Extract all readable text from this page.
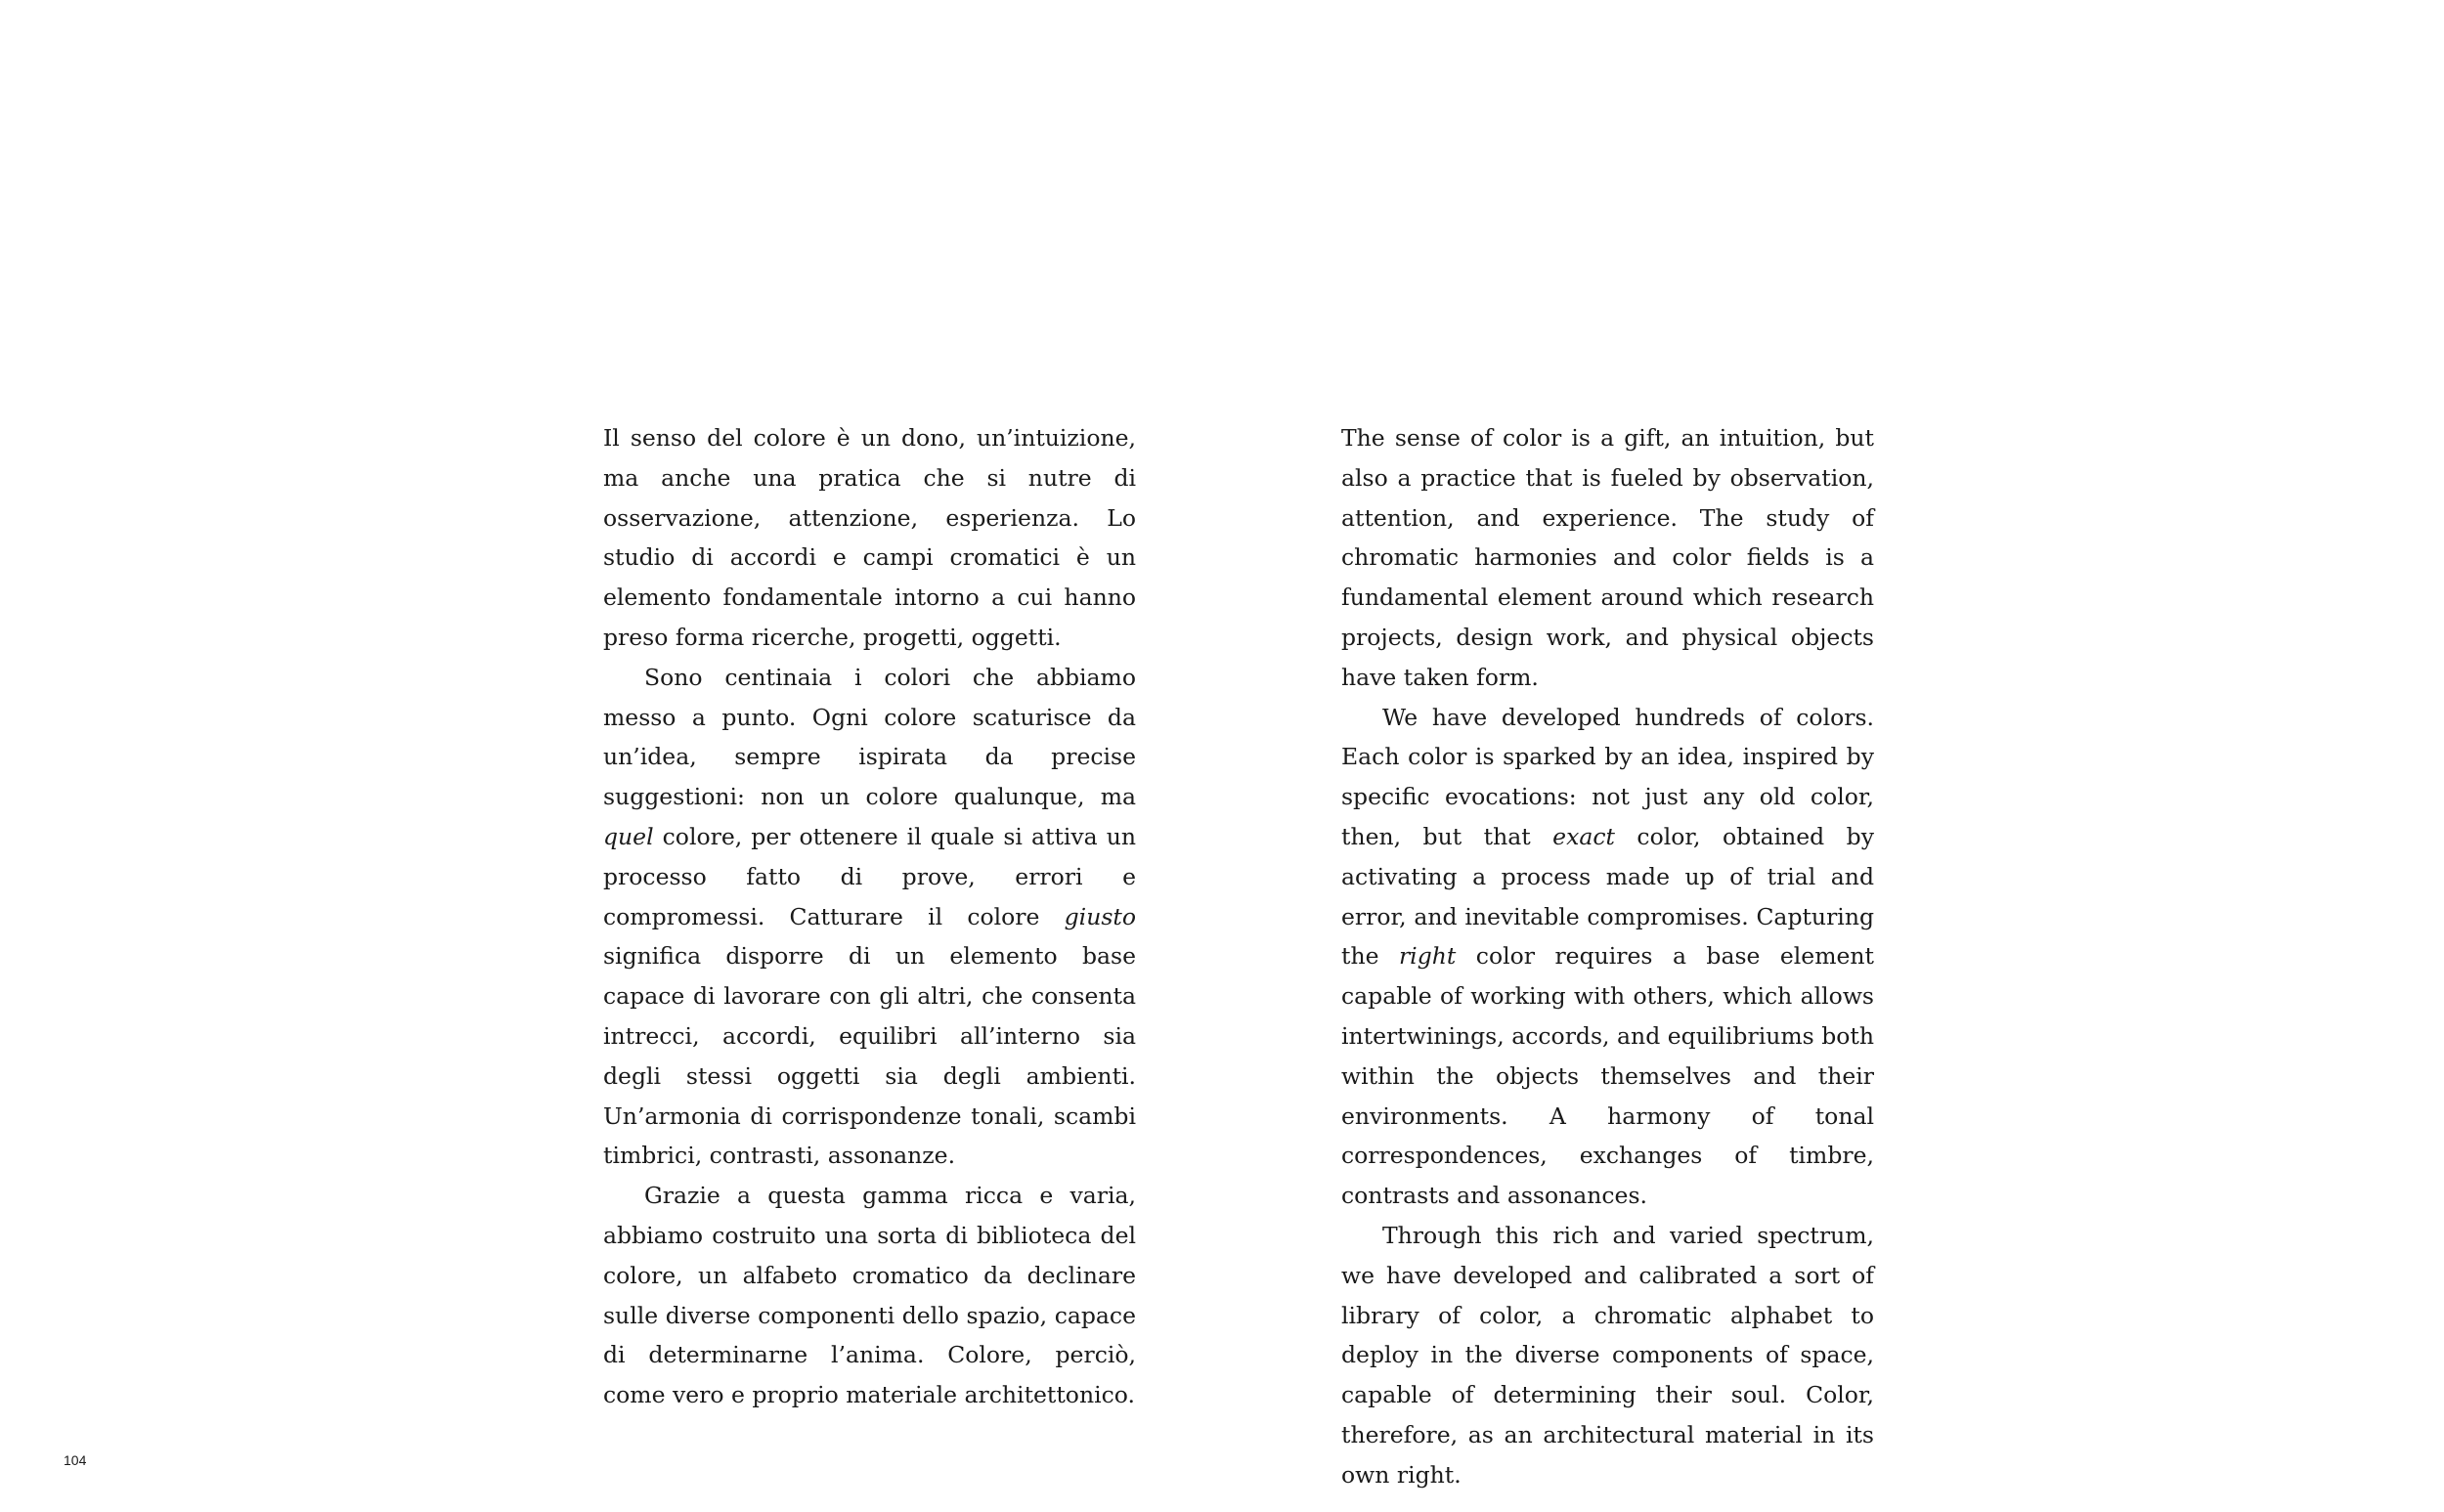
Il senso del colore è un dono, un’intuizione, ma anche una pratica che si nutre di osservazione, attenzione, esperienza. Lo studio di accordi e campi cromatici è un elemento fondamentale intorno a cui hanno preso forma ricerche, progetti, oggetti.

Sono centinaia i colori che abbiamo messo a punto. Ogni colore scaturisce da un’idea, sempre ispirata da precise suggestioni: non un colore qualunque, ma quel colore, per ottenere il quale si attiva un processo fatto di prove, errori e compromessi. Catturare il colore giusto significa disporre di un elemento base capace di lavorare con gli altri, che consenta intrecci, accordi, equilibri all’interno sia degli stessi oggetti sia degli ambienti. Un’armonia di corrispondenze tonali, scambi timbrici, contrasti, assonanze.

Grazie a questa gamma ricca e varia, abbiamo costruito una sorta di biblioteca del colore, un alfabeto cromatico da declinare sulle diverse componenti dello spazio, capace di determinarne l’anima. Colore, perciò, come vero e proprio materiale architettonico.

The sense of color is a gift, an intuition, but also a practice that is fueled by observation, attention, and experience. The study of chromatic harmonies and color fields is a fundamental element around which research projects, design work, and physical objects have taken form.

We have developed hundreds of colors. Each color is sparked by an idea, inspired by specific evocations: not just any old color, then, but that exact color, obtained by activating a process made up of trial and error, and inevitable compromises. Capturing the right color requires a base element capable of working with others, which allows intertwinings, accords, and equilibriums both within the objects themselves and their environments. A harmony of tonal correspondences, exchanges of timbre, contrasts and assonances.

Through this rich and varied spectrum, we have developed and calibrated a sort of library of color, a chromatic alphabet to deploy in the diverse components of space, capable of determining their soul. Color, therefore, as an architectural material in its own right.

104
